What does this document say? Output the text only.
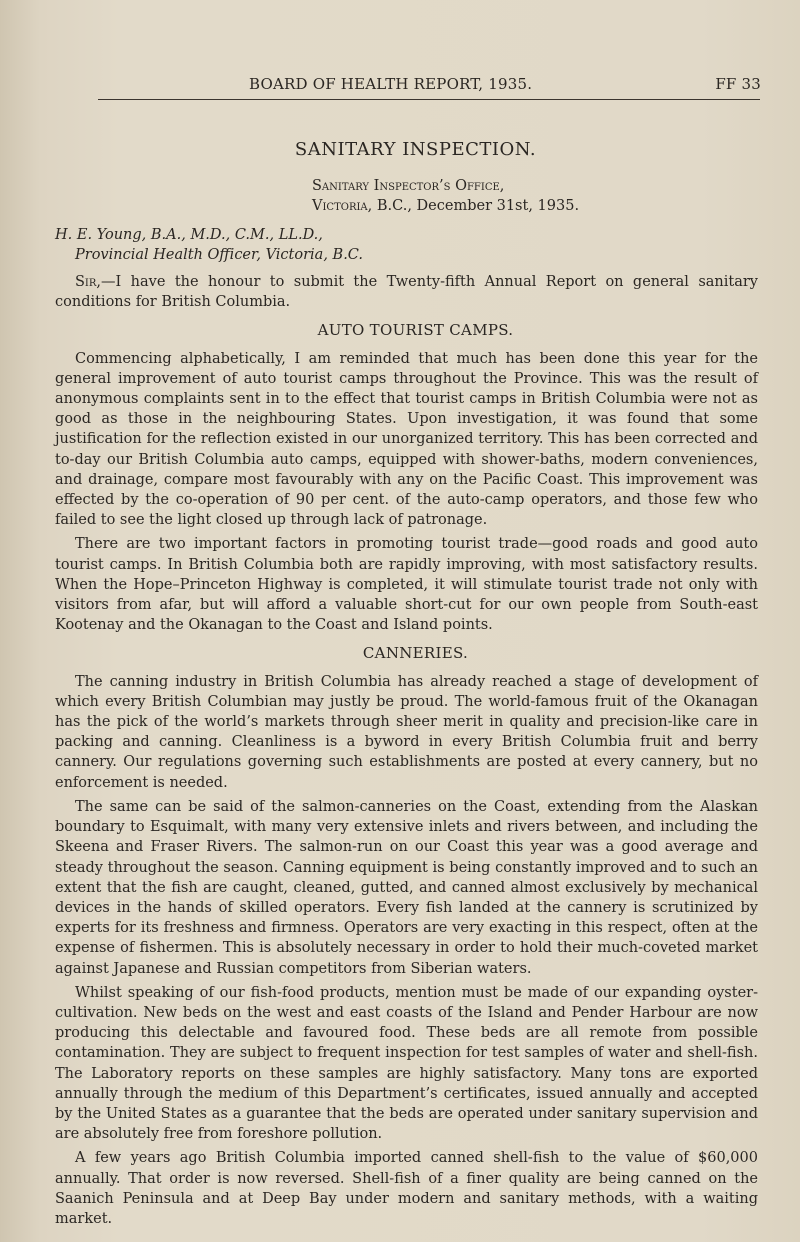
BOARD OF HEALTH REPORT, 1935.	FF 33
SANITARY INSPECTION.
Sanitary Inspector’s Office,
Victoria, B.C., December 31st, 1935.
H. E. Young, B.A., M.D., C.M., LL.D.,
Provincial Health Officer, Victoria, B.C.

Sir,—I have the honour to submit the Twenty-fifth Annual Report on general sanitary conditions for British Columbia.

AUTO TOURIST CAMPS.

Commencing alphabetically, I am reminded that much has been done this year for the general improvement of auto tourist camps throughout the Province. This was the result of anonymous complaints sent in to the effect that tourist camps in British Columbia were not as good as those in the neighbouring States. Upon investigation, it was found that some justification for the reflection existed in our unorganized territory. This has been corrected and to-day our British Columbia auto camps, equipped with shower-baths, modern conveniences, and drainage, compare most favourably with any on the Pacific Coast. This improvement was effected by the co-operation of 90 per cent. of the auto-camp operators, and those few who failed to see the light closed up through lack of patronage.

There are two important factors in promoting tourist trade—good roads and good auto tourist camps. In British Columbia both are rapidly improving, with most satisfactory results. When the Hope–Princeton Highway is completed, it will stimulate tourist trade not only with visitors from afar, but will afford a valuable short-cut for our own people from South-east Kootenay and the Okanagan to the Coast and Island points.

CANNERIES.

The canning industry in British Columbia has already reached a stage of development of which every British Columbian may justly be proud. The world-famous fruit of the Okanagan has the pick of the world’s markets through sheer merit in quality and precision-like care in packing and canning. Cleanliness is a byword in every British Columbia fruit and berry cannery. Our regulations governing such establishments are posted at every cannery, but no enforcement is needed.

The same can be said of the salmon-canneries on the Coast, extending from the Alaskan boundary to Esquimalt, with many very extensive inlets and rivers between, and including the Skeena and Fraser Rivers. The salmon-run on our Coast this year was a good average and steady throughout the season. Canning equipment is being constantly improved and to such an extent that the fish are caught, cleaned, gutted, and canned almost exclusively by mechanical devices in the hands of skilled operators. Every fish landed at the cannery is scrutinized by experts for its freshness and firmness. Operators are very exacting in this respect, often at the expense of fishermen. This is absolutely necessary in order to hold their much-coveted market against Japanese and Russian competitors from Siberian waters.

Whilst speaking of our fish-food products, mention must be made of our expanding oyster-cultivation. New beds on the west and east coasts of the Island and Pender Harbour are now producing this delectable and favoured food. These beds are all remote from possible contamination. They are subject to frequent inspection for test samples of water and shell-fish. The Laboratory reports on these samples are highly satisfactory. Many tons are exported annually through the medium of this Department’s certificates, issued annually and accepted by the United States as a guarantee that the beds are operated under sanitary supervision and are absolutely free from foreshore pollution.

A few years ago British Columbia imported canned shell-fish to the value of $60,000 annually. That order is now reversed. Shell-fish of a finer quality are being canned on the Saanich Peninsula and at Deep Bay under modern and sanitary methods, with a waiting market.
